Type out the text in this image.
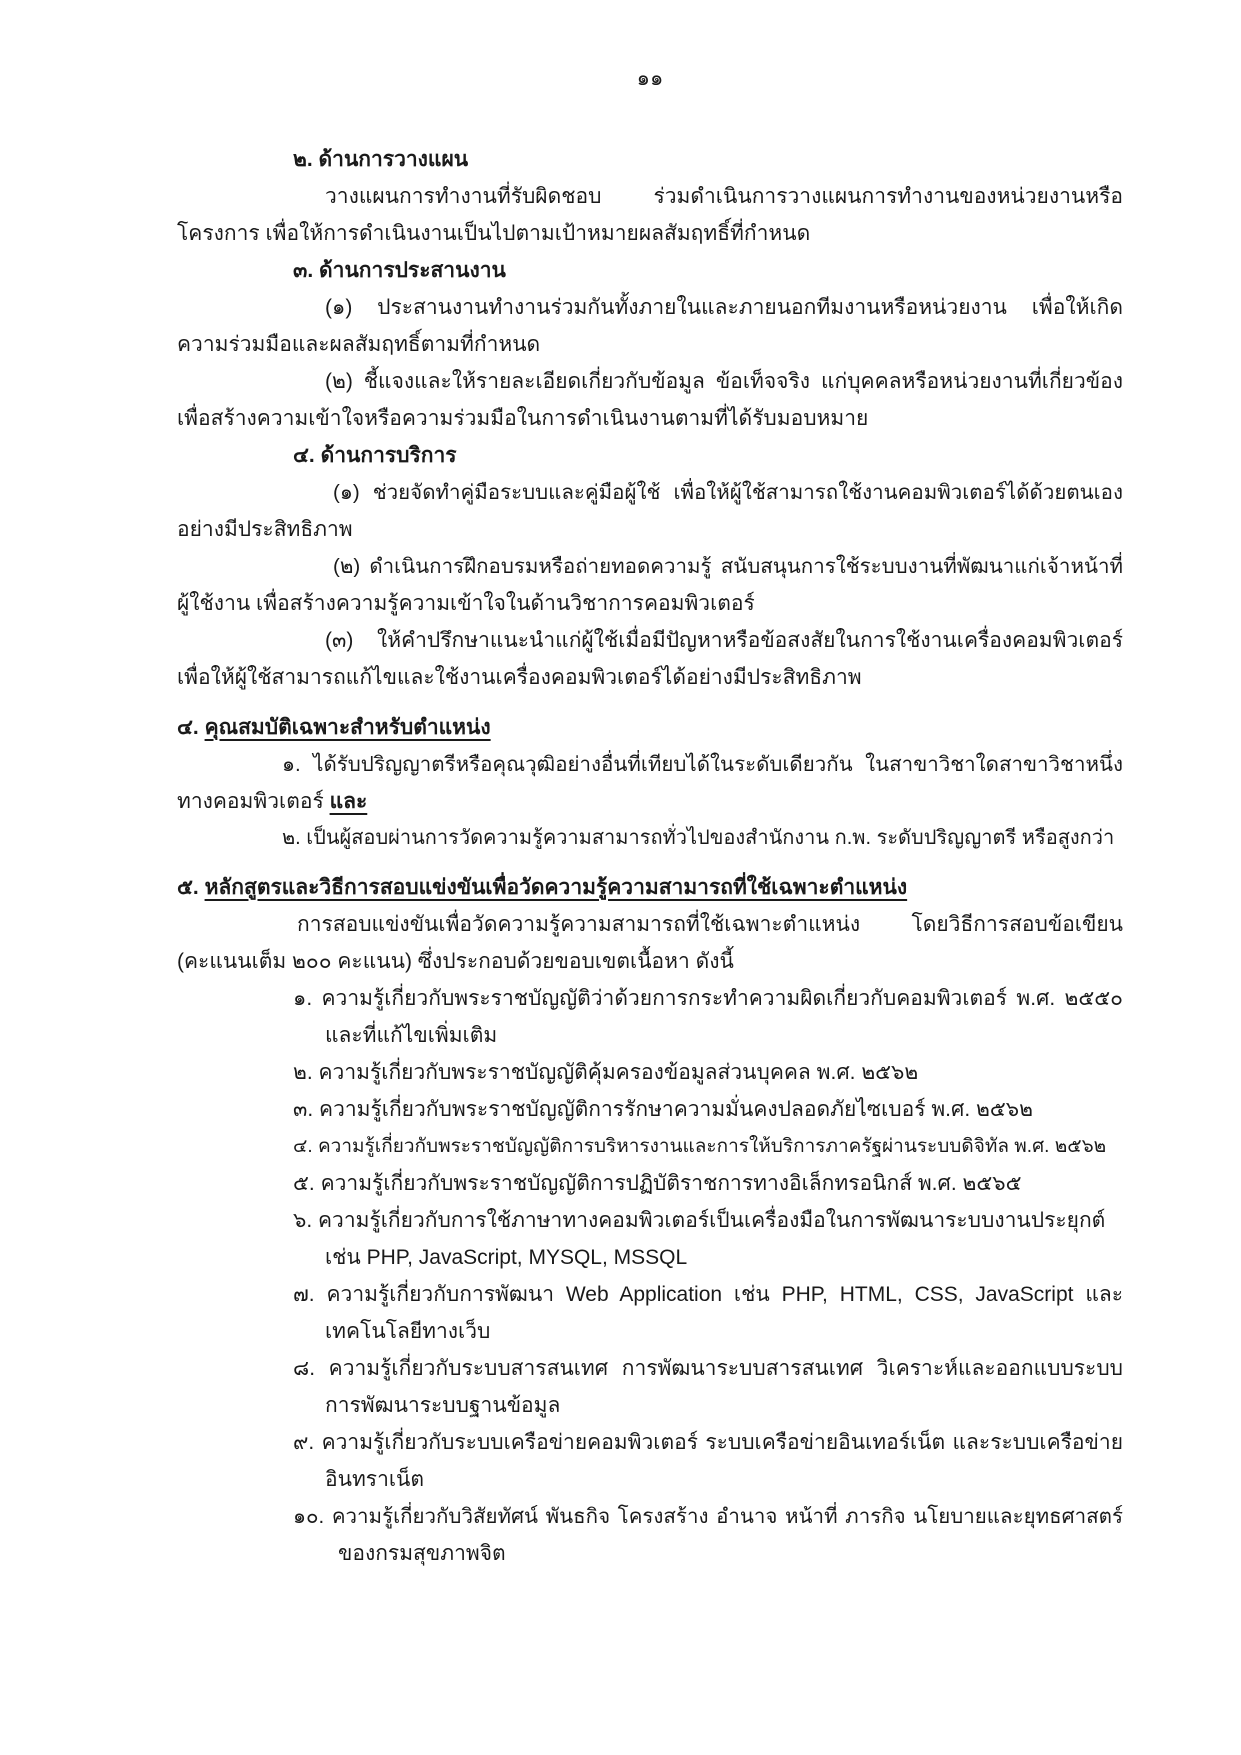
๑๑
๒. ด้านการวางแผน
วางแผนการทำงานที่รับผิดชอบ ร่วมดำเนินการวางแผนการทำงานของหน่วยงานหรือ
โครงการ เพื่อให้การดำเนินงานเป็นไปตามเป้าหมายผลสัมฤทธิ์ที่กำหนด
๓. ด้านการประสานงาน
(๑) ประสานงานทำงานร่วมกันทั้งภายในและภายนอกทีมงานหรือหน่วยงาน เพื่อให้เกิด
ความร่วมมือและผลสัมฤทธิ์ตามที่กำหนด
(๒) ชี้แจงและให้รายละเอียดเกี่ยวกับข้อมูล ข้อเท็จจริง แก่บุคคลหรือหน่วยงานที่เกี่ยวข้อง
เพื่อสร้างความเข้าใจหรือความร่วมมือในการดำเนินงานตามที่ได้รับมอบหมาย
๔. ด้านการบริการ
(๑) ช่วยจัดทำคู่มือระบบและคู่มือผู้ใช้ เพื่อให้ผู้ใช้สามารถใช้งานคอมพิวเตอร์ได้ด้วยตนเอง
อย่างมีประสิทธิภาพ
(๒) ดำเนินการฝึกอบรมหรือถ่ายทอดความรู้ สนับสนุนการใช้ระบบงานที่พัฒนาแก่เจ้าหน้าที่
ผู้ใช้งาน เพื่อสร้างความรู้ความเข้าใจในด้านวิชาการคอมพิวเตอร์
(๓) ให้คำปรึกษาแนะนำแก่ผู้ใช้เมื่อมีปัญหาหรือข้อสงสัยในการใช้งานเครื่องคอมพิวเตอร์
เพื่อให้ผู้ใช้สามารถแก้ไขและใช้งานเครื่องคอมพิวเตอร์ได้อย่างมีประสิทธิภาพ
๔. คุณสมบัติเฉพาะสำหรับตำแหน่ง
๑. ได้รับปริญญาตรีหรือคุณวุฒิอย่างอื่นที่เทียบได้ในระดับเดียวกัน ในสาขาวิชาใดสาขาวิชาหนึ่ง
ทางคอมพิวเตอร์ และ
๒. เป็นผู้สอบผ่านการวัดความรู้ความสามารถทั่วไปของสำนักงาน ก.พ. ระดับปริญญาตรี หรือสูงกว่า
๕. หลักสูตรและวิธีการสอบแข่งขันเพื่อวัดความรู้ความสามารถที่ใช้เฉพาะตำแหน่ง
การสอบแข่งขันเพื่อวัดความรู้ความสามารถที่ใช้เฉพาะตำแหน่ง โดยวิธีการสอบข้อเขียน
(คะแนนเต็ม ๒๐๐ คะแนน) ซึ่งประกอบด้วยขอบเขตเนื้อหา ดังนี้
๑. ความรู้เกี่ยวกับพระราชบัญญัติว่าด้วยการกระทำความผิดเกี่ยวกับคอมพิวเตอร์ พ.ศ. ๒๕๕๐
และที่แก้ไขเพิ่มเติม
๒. ความรู้เกี่ยวกับพระราชบัญญัติคุ้มครองข้อมูลส่วนบุคคล พ.ศ. ๒๕๖๒
๓. ความรู้เกี่ยวกับพระราชบัญญัติการรักษาความมั่นคงปลอดภัยไซเบอร์ พ.ศ. ๒๕๖๒
๔. ความรู้เกี่ยวกับพระราชบัญญัติการบริหารงานและการให้บริการภาครัฐผ่านระบบดิจิทัล พ.ศ. ๒๕๖๒
๕. ความรู้เกี่ยวกับพระราชบัญญัติการปฏิบัติราชการทางอิเล็กทรอนิกส์ พ.ศ. ๒๕๖๕
๖. ความรู้เกี่ยวกับการใช้ภาษาทางคอมพิวเตอร์เป็นเครื่องมือในการพัฒนาระบบงานประยุกต์
เช่น PHP, JavaScript, MYSQL, MSSQL
๗. ความรู้เกี่ยวกับการพัฒนา Web Application เช่น PHP, HTML, CSS, JavaScript และ
เทคโนโลยีทางเว็บ
๘. ความรู้เกี่ยวกับระบบสารสนเทศ การพัฒนาระบบสารสนเทศ วิเคราะห์และออกแบบระบบ
การพัฒนาระบบฐานข้อมูล
๙. ความรู้เกี่ยวกับระบบเครือข่ายคอมพิวเตอร์ ระบบเครือข่ายอินเทอร์เน็ต และระบบเครือข่าย
อินทราเน็ต
๑๐. ความรู้เกี่ยวกับวิสัยทัศน์ พันธกิจ โครงสร้าง อำนาจ หน้าที่ ภารกิจ นโยบายและยุทธศาสตร์
ของกรมสุขภาพจิต
